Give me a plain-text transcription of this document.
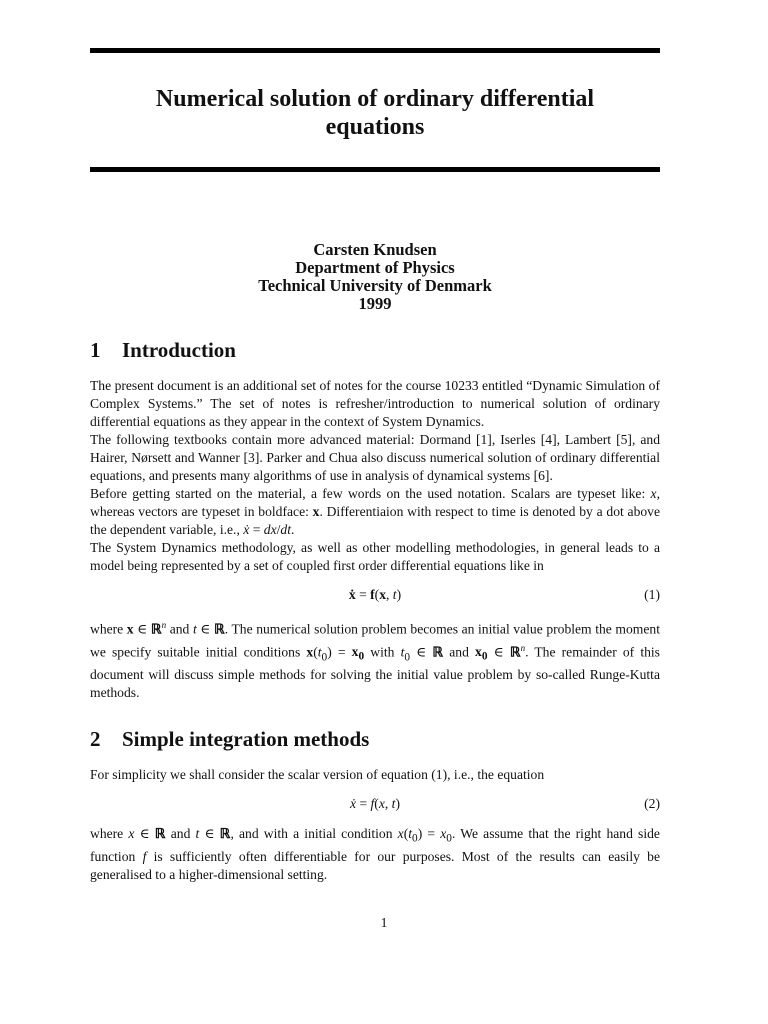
Numerical solution of ordinary differential equations
Carsten Knudsen
Department of Physics
Technical University of Denmark
1999
1 Introduction

The present document is an additional set of notes for the course 10233 entitled “Dynamic Simulation of Complex Systems.” The set of notes is refresher/introduction to numerical solution of ordinary differential equations as they appear in the context of System Dynamics.

The following textbooks contain more advanced material: Dormand [1], Iserles [4], Lambert [5], and Hairer, Nørsett and Wanner [3]. Parker and Chua also discuss numerical solution of ordinary differential equations, and presents many algorithms of use in analysis of dynamical systems [6].

Before getting started on the material, a few words on the used notation. Scalars are typeset like: x, whereas vectors are typeset in boldface: x. Differentiaion with respect to time is denoted by a dot above the dependent variable, i.e., ẋ = dx/dt.

The System Dynamics methodology, as well as other modelling methodologies, in general leads to a model being represented by a set of coupled first order differential equations like in

ẋ = f(x, t)	(1)

where x ∈ ℝ$^n$ and t ∈ ℝ. The numerical solution problem becomes an initial value problem the moment we specify suitable initial conditions $x(t_0) = x_0$ with $t_0$ ∈ ℝ and $x_0$ ∈ ℝ$^n$. The remainder of this document will discuss simple methods for solving the initial value problem by so-called Runge-Kutta methods.

2 Simple integration methods

For simplicity we shall consider the scalar version of equation (1), i.e., the equation

ẋ = f(x, t)	(2)

where x ∈ ℝ and t ∈ ℝ, and with a initial condition $x(t_0) = x_0$. We assume that the right hand side function f is sufficiently often differentiable for our purposes. Most of the results can easily be generalised to a higher-dimensional setting.

1
